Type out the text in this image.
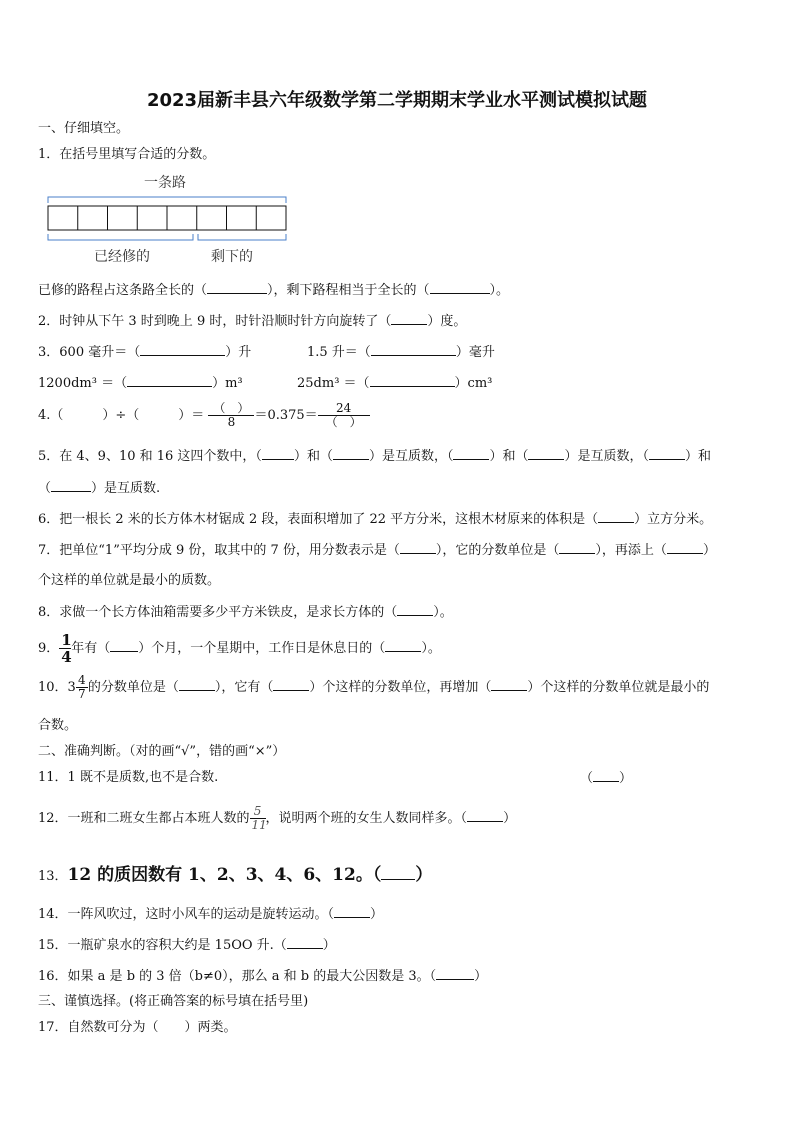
2023届新丰县六年级数学第二学期期末学业水平测试模拟试题
一、仔细填空。
1．在括号里填写合适的分数。
一条路
已经修的	剩下的
已修的路程占这条路全长的（	），剩下路程相当于全长的（	）。
2．时钟从下午 3 时到晚上 9 时，时针沿顺时针方向旋转了（	）度。
3．600 毫升＝（	）升	1.5 升＝（	）毫升
1200dm³ ＝（	）m³	25dm³ ＝（	）cm³
4.（　　　）÷（　　　）＝ $\frac{( )}{8} =0.375= \frac{24}{( )}$
5．在 4、9、10 和 16 这四个数中，（ ）和（	）是互质数，（	）和（	）是互质数，（	）和
（	）是互质数.
6．把一根长 2 米的长方体木材锯成 2 段，表面积增加了 22 平方分米，这根木材原来的体积是（	）立方分米。
7．把单位“1”平均分成 9 份，取其中的 7 份，用分数表示是（	），它的分数单位是（	），再添上（	）
个这样的单位就是最小的质数。
8．求做一个长方体油箱需要多少平方米铁皮，是求长方体的（	）。
9． $\frac{1}{4}$ 年有（ ）个月，一个星期中，工作日是休息日的（	）。
10．$3 \frac{4}{7}$ 的分数单位是（	），它有（	）个这样的分数单位，再增加（	）个这样的分数单位就是最小的
合数。
二、准确判断。（对的画“√”，错的画“×”）
11．1 既不是质数,也不是合数.	（ ）
12．一班和二班女生都占本班人数的 $\frac{5}{11}$ ，说明两个班的女生人数同样多。（	）
13．12 的质因数有 1、2、3、4、6、12。（ ）
14．一阵风吹过，这时小风车的运动是旋转运动。（	）
15．一瓶矿泉水的容积大约是 15OO 升.（	）
16．如果 a 是 b 的 3 倍（b≠0），那么 a 和 b 的最大公因数是 3。（	）
三、谨慎选择。(将正确答案的标号填在括号里)
17．自然数可分为（　　）两类。
